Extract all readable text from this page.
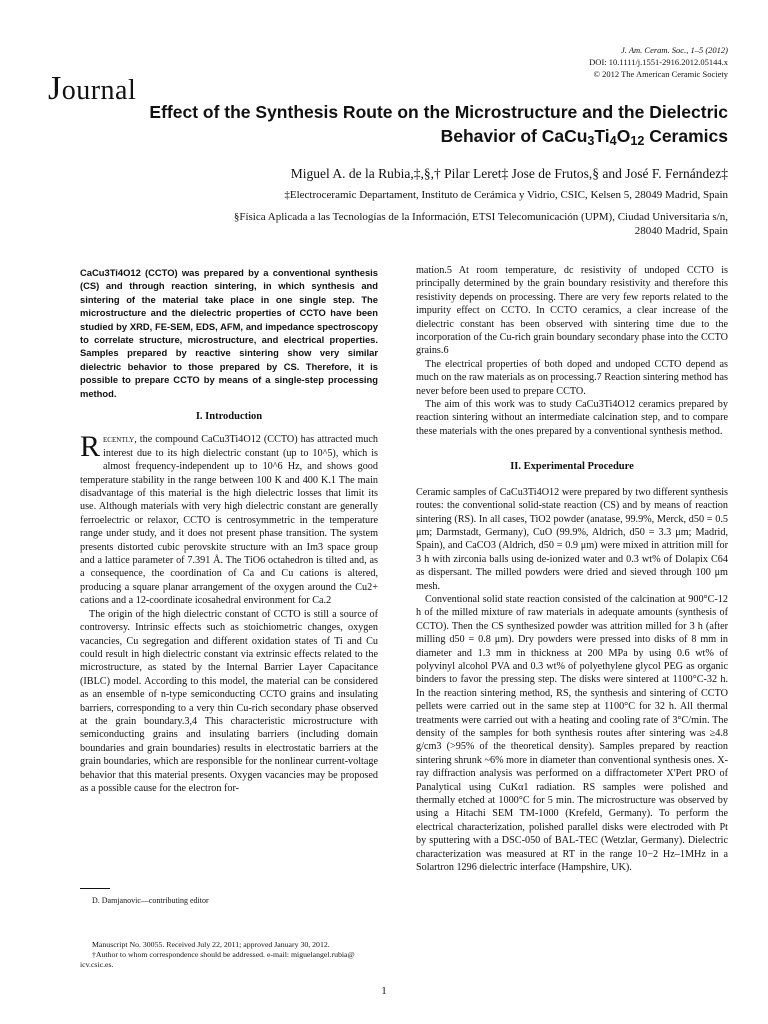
J. Am. Ceram. Soc., 1–5 (2012)
DOI: 10.1111/j.1551-2916.2012.05144.x
© 2012 The American Ceramic Society
Journal
Effect of the Synthesis Route on the Microstructure and the Dielectric
Behavior of $CaCu_3Ti_4O_{12}$ Ceramics
Miguel A. de la Rubia,‡,§,† Pilar Leret‡ Jose de Frutos,§ and José F. Fernández‡
‡Electroceramic Departament, Instituto de Cerámica y Vidrio, CSIC, Kelsen 5, 28049 Madrid, Spain
§Física Aplicada a las Tecnologías de la Información, ETSI Telecomunicación (UPM), Ciudad Universitaria s/n,
28040 Madrid, Spain
CaCu3Ti4O12 (CCTO) was prepared by a conventional synthesis (CS) and through reaction sintering, in which synthesis and sintering of the material take place in one single step. The microstructure and the dielectric properties of CCTO have been studied by XRD, FE-SEM, EDS, AFM, and impedance spectroscopy to correlate structure, microstructure, and electrical properties. Samples prepared by reactive sintering show very similar dielectric behavior to those prepared by CS. Therefore, it is possible to prepare CCTO by means of a single-step processing method.
I. Introduction

Recently, the compound CaCu3Ti4O12 (CCTO) has attracted much interest due to its high dielectric constant (up to 10^5), which is almost frequency-independent up to 10^6 Hz, and shows good temperature stability in the range between 100 K and 400 K.1 The main disadvantage of this material is the high dielectric losses that limit its use. Although materials with very high dielectric constant are generally ferroelectric or relaxor, CCTO is centrosymmetric in the temperature range under study, and it does not present phase transition. The system presents distorted cubic perovskite structure with an Im3 space group and a lattice parameter of 7.391 Å. The TiO6 octahedron is tilted and, as a consequence, the coordination of Ca and Cu cations is altered, producing a square planar arrangement of the oxygen around the Cu2+ cations and a 12-coordinate icosahedral environment for Ca.2

The origin of the high dielectric constant of CCTO is still a source of controversy. Intrinsic effects such as stoichiometric changes, oxygen vacancies, Cu segregation and different oxidation states of Ti and Cu could result in high dielectric constant via extrinsic effects related to the microstructure, as stated by the Internal Barrier Layer Capacitance (IBLC) model. According to this model, the material can be considered as an ensemble of n-type semiconducting CCTO grains and insulating barriers, corresponding to a very thin Cu-rich secondary phase observed at the grain boundary.3,4 This characteristic microstructure with semiconducting grains and insulating barriers (including domain boundaries and grain boundaries) results in electrostatic barriers at the grain boundaries, which are responsible for the nonlinear current-voltage behavior that this material presents. Oxygen vacancies may be proposed as a possible cause for the electron for-

D. Damjanovic—contributing editor
Manuscript No. 30055. Received July 22, 2011; approved January 30, 2012.
†Author to whom correspondence should be addressed. e-mail: miguelangel.rubia@
icv.csic.es.

mation.5 At room temperature, dc resistivity of undoped CCTO is principally determined by the grain boundary resistivity and therefore this resistivity depends on processing. There are very few reports related to the impurity effect on CCTO. In CCTO ceramics, a clear increase of the dielectric constant has been observed with sintering time due to the incorporation of the Cu-rich grain boundary secondary phase into the CCTO grains.6

The electrical properties of both doped and undoped CCTO depend as much on the raw materials as on processing.7 Reaction sintering method has never before been used to prepare CCTO.

The aim of this work was to study CaCu3Ti4O12 ceramics prepared by reaction sintering without an intermediate calcination step, and to compare these materials with the ones prepared by a conventional synthesis method.

II. Experimental Procedure

Ceramic samples of CaCu3Ti4O12 were prepared by two different synthesis routes: the conventional solid-state reaction (CS) and by means of reaction sintering (RS). In all cases, TiO2 powder (anatase, 99.9%, Merck, d50 = 0.5 μm; Darmstadt, Germany), CuO (99.9%, Aldrich, d50 = 3.3 μm; Madrid, Spain), and CaCO3 (Aldrich, d50 = 0.9 μm) were mixed in attrition mill for 3 h with zirconia balls using de-ionized water and 0.3 wt% of Dolapix C64 as dispersant. The milled powders were dried and sieved through 100 μm mesh.

Conventional solid state reaction consisted of the calcination at 900°C-12 h of the milled mixture of raw materials in adequate amounts (synthesis of CCTO). Then the CS synthesized powder was attrition milled for 3 h (after milling d50 = 0.8 μm). Dry powders were pressed into disks of 8 mm in diameter and 1.3 mm in thickness at 200 MPa by using 0.6 wt% of polyvinyl alcohol PVA and 0.3 wt% of polyethylene glycol PEG as organic binders to favor the pressing step. The disks were sintered at 1100°C-32 h. In the reaction sintering method, RS, the synthesis and sintering of CCTO pellets were carried out in the same step at 1100°C for 32 h. All thermal treatments were carried out with a heating and cooling rate of 3°C/min. The density of the samples for both synthesis routes after sintering was ≥4.8 g/cm3 (>95% of the theoretical density). Samples prepared by reaction sintering shrunk ~6% more in diameter than conventional synthesis ones. X-ray diffraction analysis was performed on a diffractometer X'Pert PRO of Panalytical using CuKα1 radiation. RS samples were polished and thermally etched at 1000°C for 5 min. The microstructure was observed by using a Hitachi SEM TM-1000 (Krefeld, Germany). To perform the electrical characterization, polished parallel disks were electroded with Pt by sputtering with a DSC-050 of BAL-TEC (Wetzlar, Germany). Dielectric characterization was measured at RT in the range 10−2 Hz–1MHz in a Solartron 1296 dielectric interface (Hampshire, UK).

1
